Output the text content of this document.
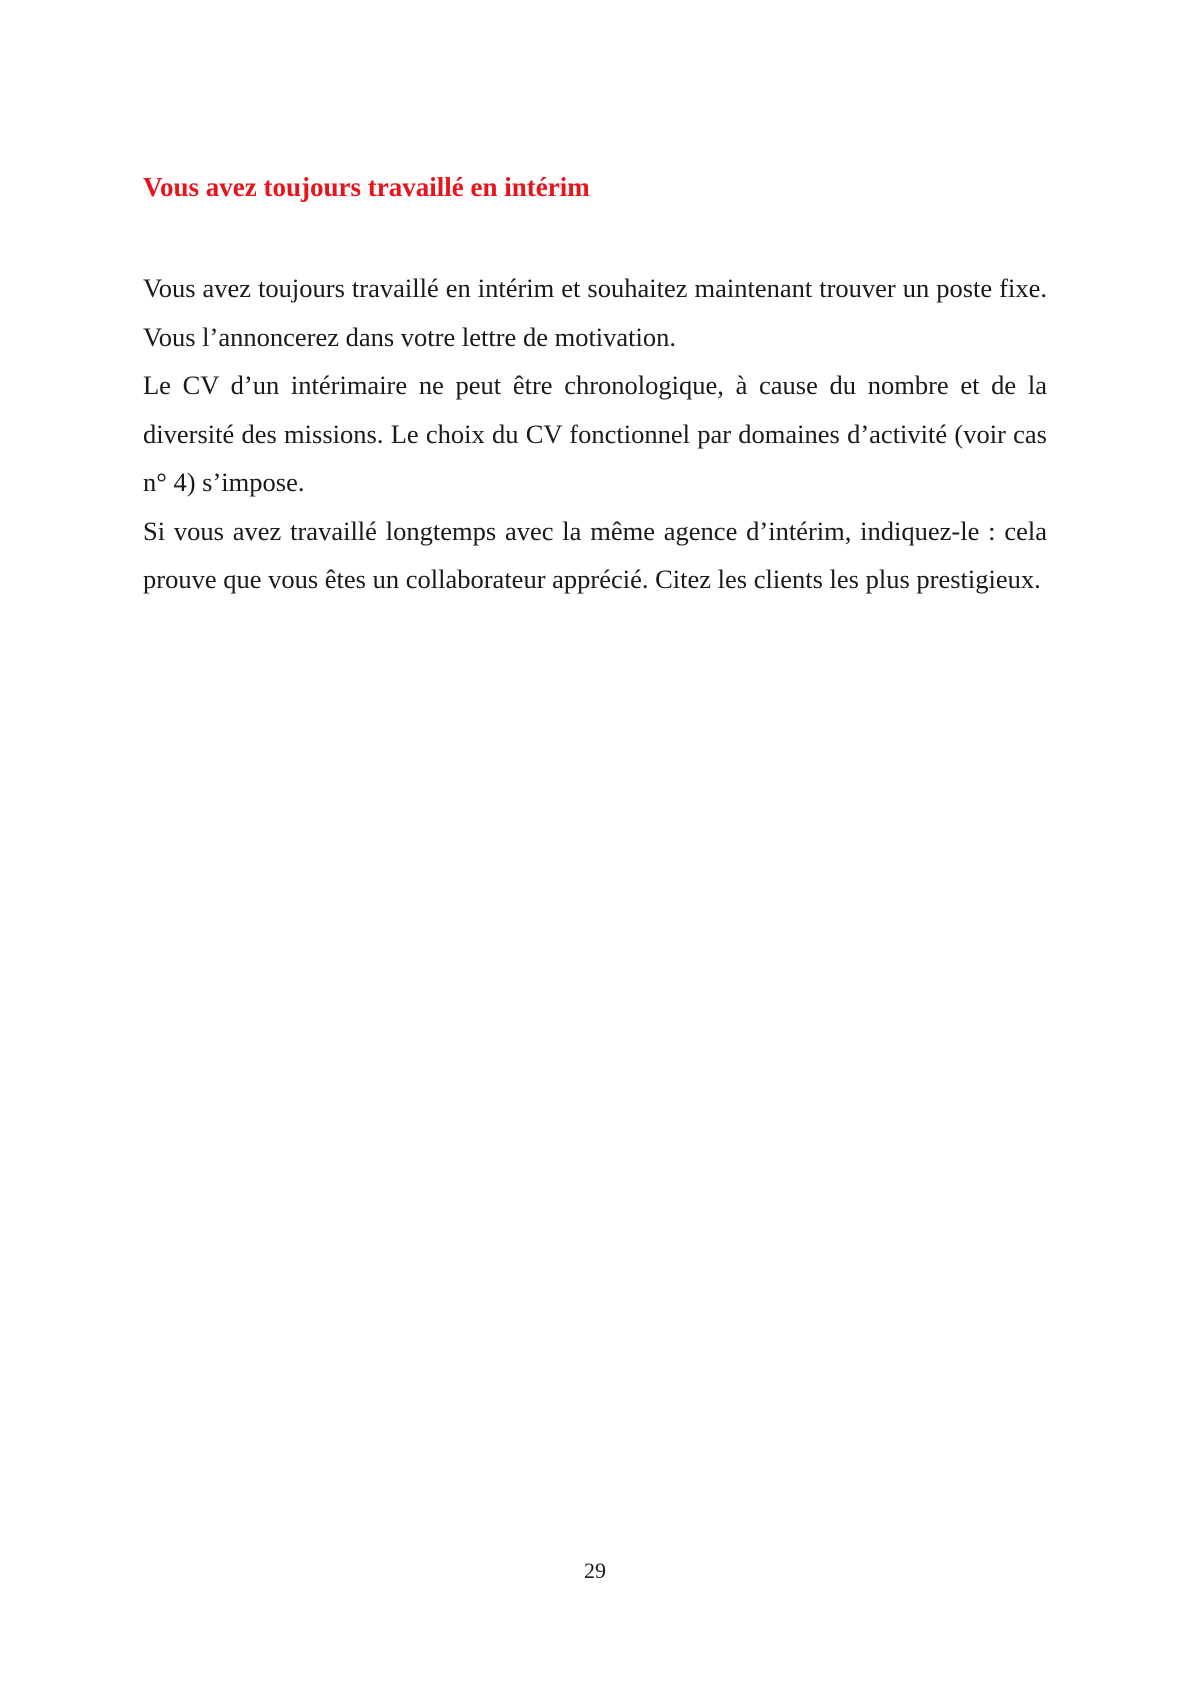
Vous avez toujours travaillé en intérim

Vous avez toujours travaillé en intérim et souhaitez maintenant trouver un poste fixe. Vous l’annoncerez dans votre lettre de motivation.

Le CV d’un intérimaire ne peut être chronologique, à cause du nombre et de la diversité des missions. Le choix du CV fonctionnel par domaines d’activité (voir cas n° 4) s’impose.

Si vous avez travaillé longtemps avec la même agence d’intérim, indiquez-le : cela prouve que vous êtes un collaborateur apprécié. Citez les clients les plus prestigieux.

29
